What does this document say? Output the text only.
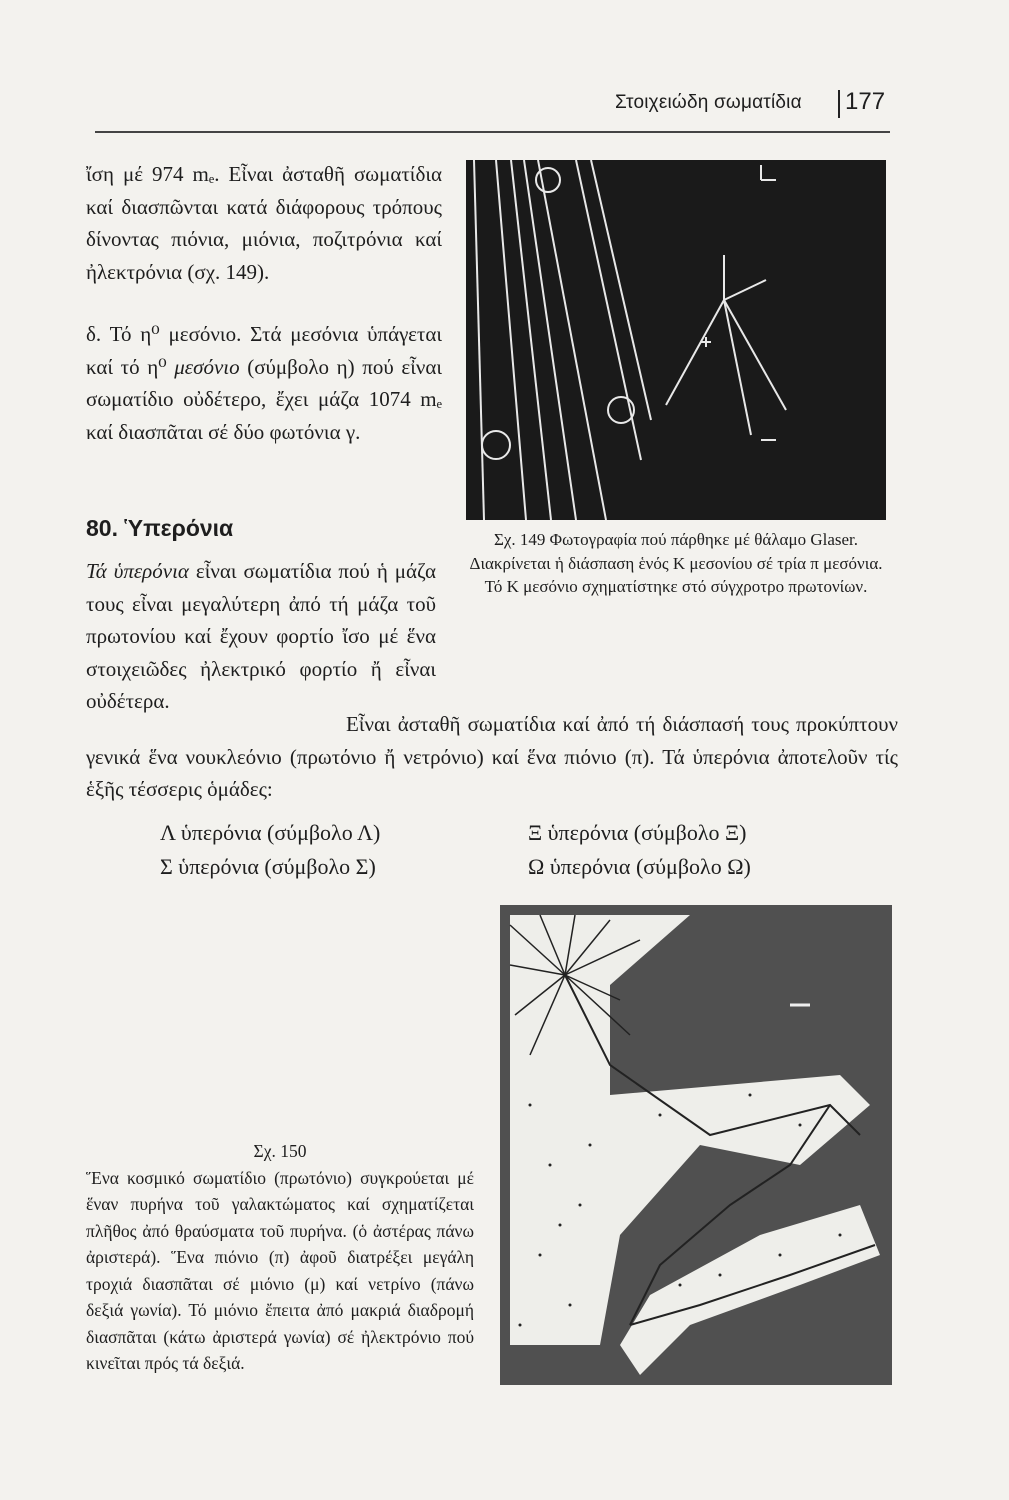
Στοιχειώδη σωματίδια 177
ἴση μέ 974 mₑ. Εἶναι ἀσταθῆ σωματίδια καί διασπῶνται κατά διάφορους τρόπους δίνοντας πιόνια, μιόνια, ποζιτρόνια καί ἠλεκτρόνια (σχ. 149).
δ. Τό η⁰ μεσόνιο. Στά μεσόνια ὑπάγεται καί τό η⁰ μεσόνιο (σύμβολο η) πού εἶναι σωματίδιο οὐδέτερο, ἔχει μάζα 1074 mₑ καί διασπᾶται σέ δύο φωτόνια γ.
80. Ὑπερόνια
Τά ὑπερόνια εἶναι σωματίδια πού ἡ μάζα τους εἶναι μεγαλύτερη ἀπό τή μάζα τοῦ πρωτονίου καί ἔχουν φορτίο ἴσο μέ ἕνα στοιχειῶδες ἠλεκτρικό φορτίο ἤ εἶναι οὐδέτερα.
Εἶναι ἀσταθῆ σωματίδια καί ἀπό τή διάσπασή τους προκύπτουν γενικά ἕνα νουκλεόνιο (πρωτόνιο ἤ νετρόνιο) καί ἕνα πιόνιο (π). Τά ὑπερόνια ἀποτελοῦν τίς ἑξῆς τέσσερις ὁμάδες:
Λ ὑπερόνια (σύμβολο Λ)
Σ ὑπερόνια (σύμβολο Σ)
Ξ ὑπερόνια (σύμβολο Ξ)
Ω ὑπερόνια (σύμβολο Ω)
Σχ. 149 Φωτογραφία πού πάρθηκε μέ θάλαμο Glaser.
Διακρίνεται ἡ διάσπαση ἑνός Κ μεσονίου σέ τρία π μεσόνια.
Τό Κ μεσόνιο σχηματίστηκε στό σύγχροτρο πρωτονίων.
Σχ. 150
Ἕνα κοσμικό σωματίδιο (πρωτόνιο) συγκρούεται μέ ἕναν πυρήνα τοῦ γαλακτώματος καί σχηματίζεται πλῆθος ἀπό θραύσματα τοῦ πυρήνα. (ὁ ἀστέρας πάνω ἀριστερά). Ἕνα πιόνιο (π) ἀφοῦ διατρέξει μεγάλη τροχιά διασπᾶται σέ μιόνιο (μ) καί νετρίνο (πάνω δεξιά γωνία). Τό μιόνιο ἔπειτα ἀπό μακριά διαδρομή διασπᾶται (κάτω ἀριστερά γωνία) σέ ἠλεκτρόνιο πού κινεῖται πρός τά δεξιά.
